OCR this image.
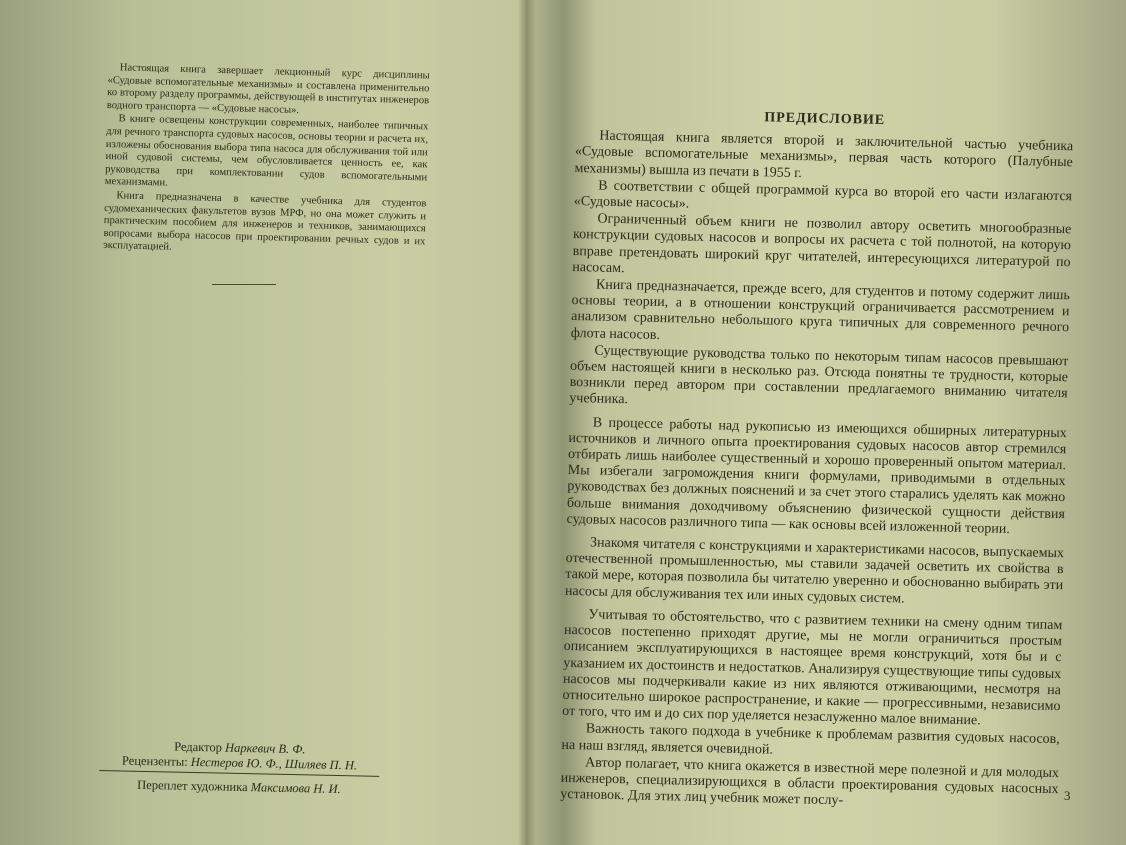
Настоящая книга завершает лекционный курс дисциплины «Судовые вспомогательные механизмы» и составлена применительно ко второму разделу программы, действующей в институтах инженеров водного транспорта — «Судовые насосы».

В книге освещены конструкции современных, наиболее типичных для речного транспорта судовых насосов, основы теории и расчета их, изложены обоснования выбора типа насоса для обслуживания той или иной судовой системы, чем обусловливается ценность ее, как руководства при комплектовании судов вспомогательными механизмами.

Книга предназначена в качестве учебника для студентов судомеханических факультетов вузов МРФ, но она может служить и практическим пособием для инженеров и техников, занимающихся вопросами выбора насосов при проектировании речных судов и их эксплуатацией.

Редактор Наркевич В. Ф.
Рецензенты: Нестеров Ю. Ф., Шиляев П. Н.
Переплет художника Максимова Н. И.
ПРЕДИСЛОВИЕ

Настоящая книга является второй и заключительной частью учебника «Судовые вспомогательные механизмы», первая часть которого (Палубные механизмы) вышла из печати в 1955 г.

В соответствии с общей программой курса во второй его части излагаются «Судовые насосы».

Ограниченный объем книги не позволил автору осветить многообразные конструкции судовых насосов и вопросы их расчета с той полнотой, на которую вправе претендовать широкий круг читателей, интересующихся литературой по насосам.

Книга предназначается, прежде всего, для студентов и потому содержит лишь основы теории, а в отношении конструкций ограничивается рассмотрением и анализом сравнительно небольшого круга типичных для современного речного флота насосов.

Существующие руководства только по некоторым типам насосов превышают объем настоящей книги в несколько раз. Отсюда понятны те трудности, которые возникли перед автором при составлении предлагаемого вниманию читателя учебника.

В процессе работы над рукописью из имеющихся обширных литературных источников и личного опыта проектирования судовых насосов автор стремился отбирать лишь наиболее существенный и хорошо проверенный опытом материал. Мы избегали загромождения книги формулами, приводимыми в отдельных руководствах без должных пояснений и за счет этого старались уделять как можно больше внимания доходчивому объяснению физической сущности действия судовых насосов различного типа — как основы всей изложенной теории.

Знакомя читателя с конструкциями и характеристиками насосов, выпускаемых отечественной промышленностью, мы ставили задачей осветить их свойства в такой мере, которая позволила бы читателю уверенно и обоснованно выбирать эти насосы для обслуживания тех или иных судовых систем.

Учитывая то обстоятельство, что с развитием техники на смену одним типам насосов постепенно приходят другие, мы не могли ограничиться простым описанием эксплуатирующихся в настоящее время конструкций, хотя бы и с указанием их достоинств и недостатков. Анализируя существующие типы судовых насосов мы подчеркивали какие из них являются отживающими, несмотря на относительно широкое распространение, и какие — прогрессивными, независимо от того, что им и до сих пор уделяется незаслуженно малое внимание.

Важность такого подхода в учебнике к проблемам развития судовых насосов, на наш взгляд, является очевидной.

Автор полагает, что книга окажется в известной мере полезной и для молодых инженеров, специализирующихся в области проектирования судовых насосных установок. Для этих лиц учебник может послу-	3
